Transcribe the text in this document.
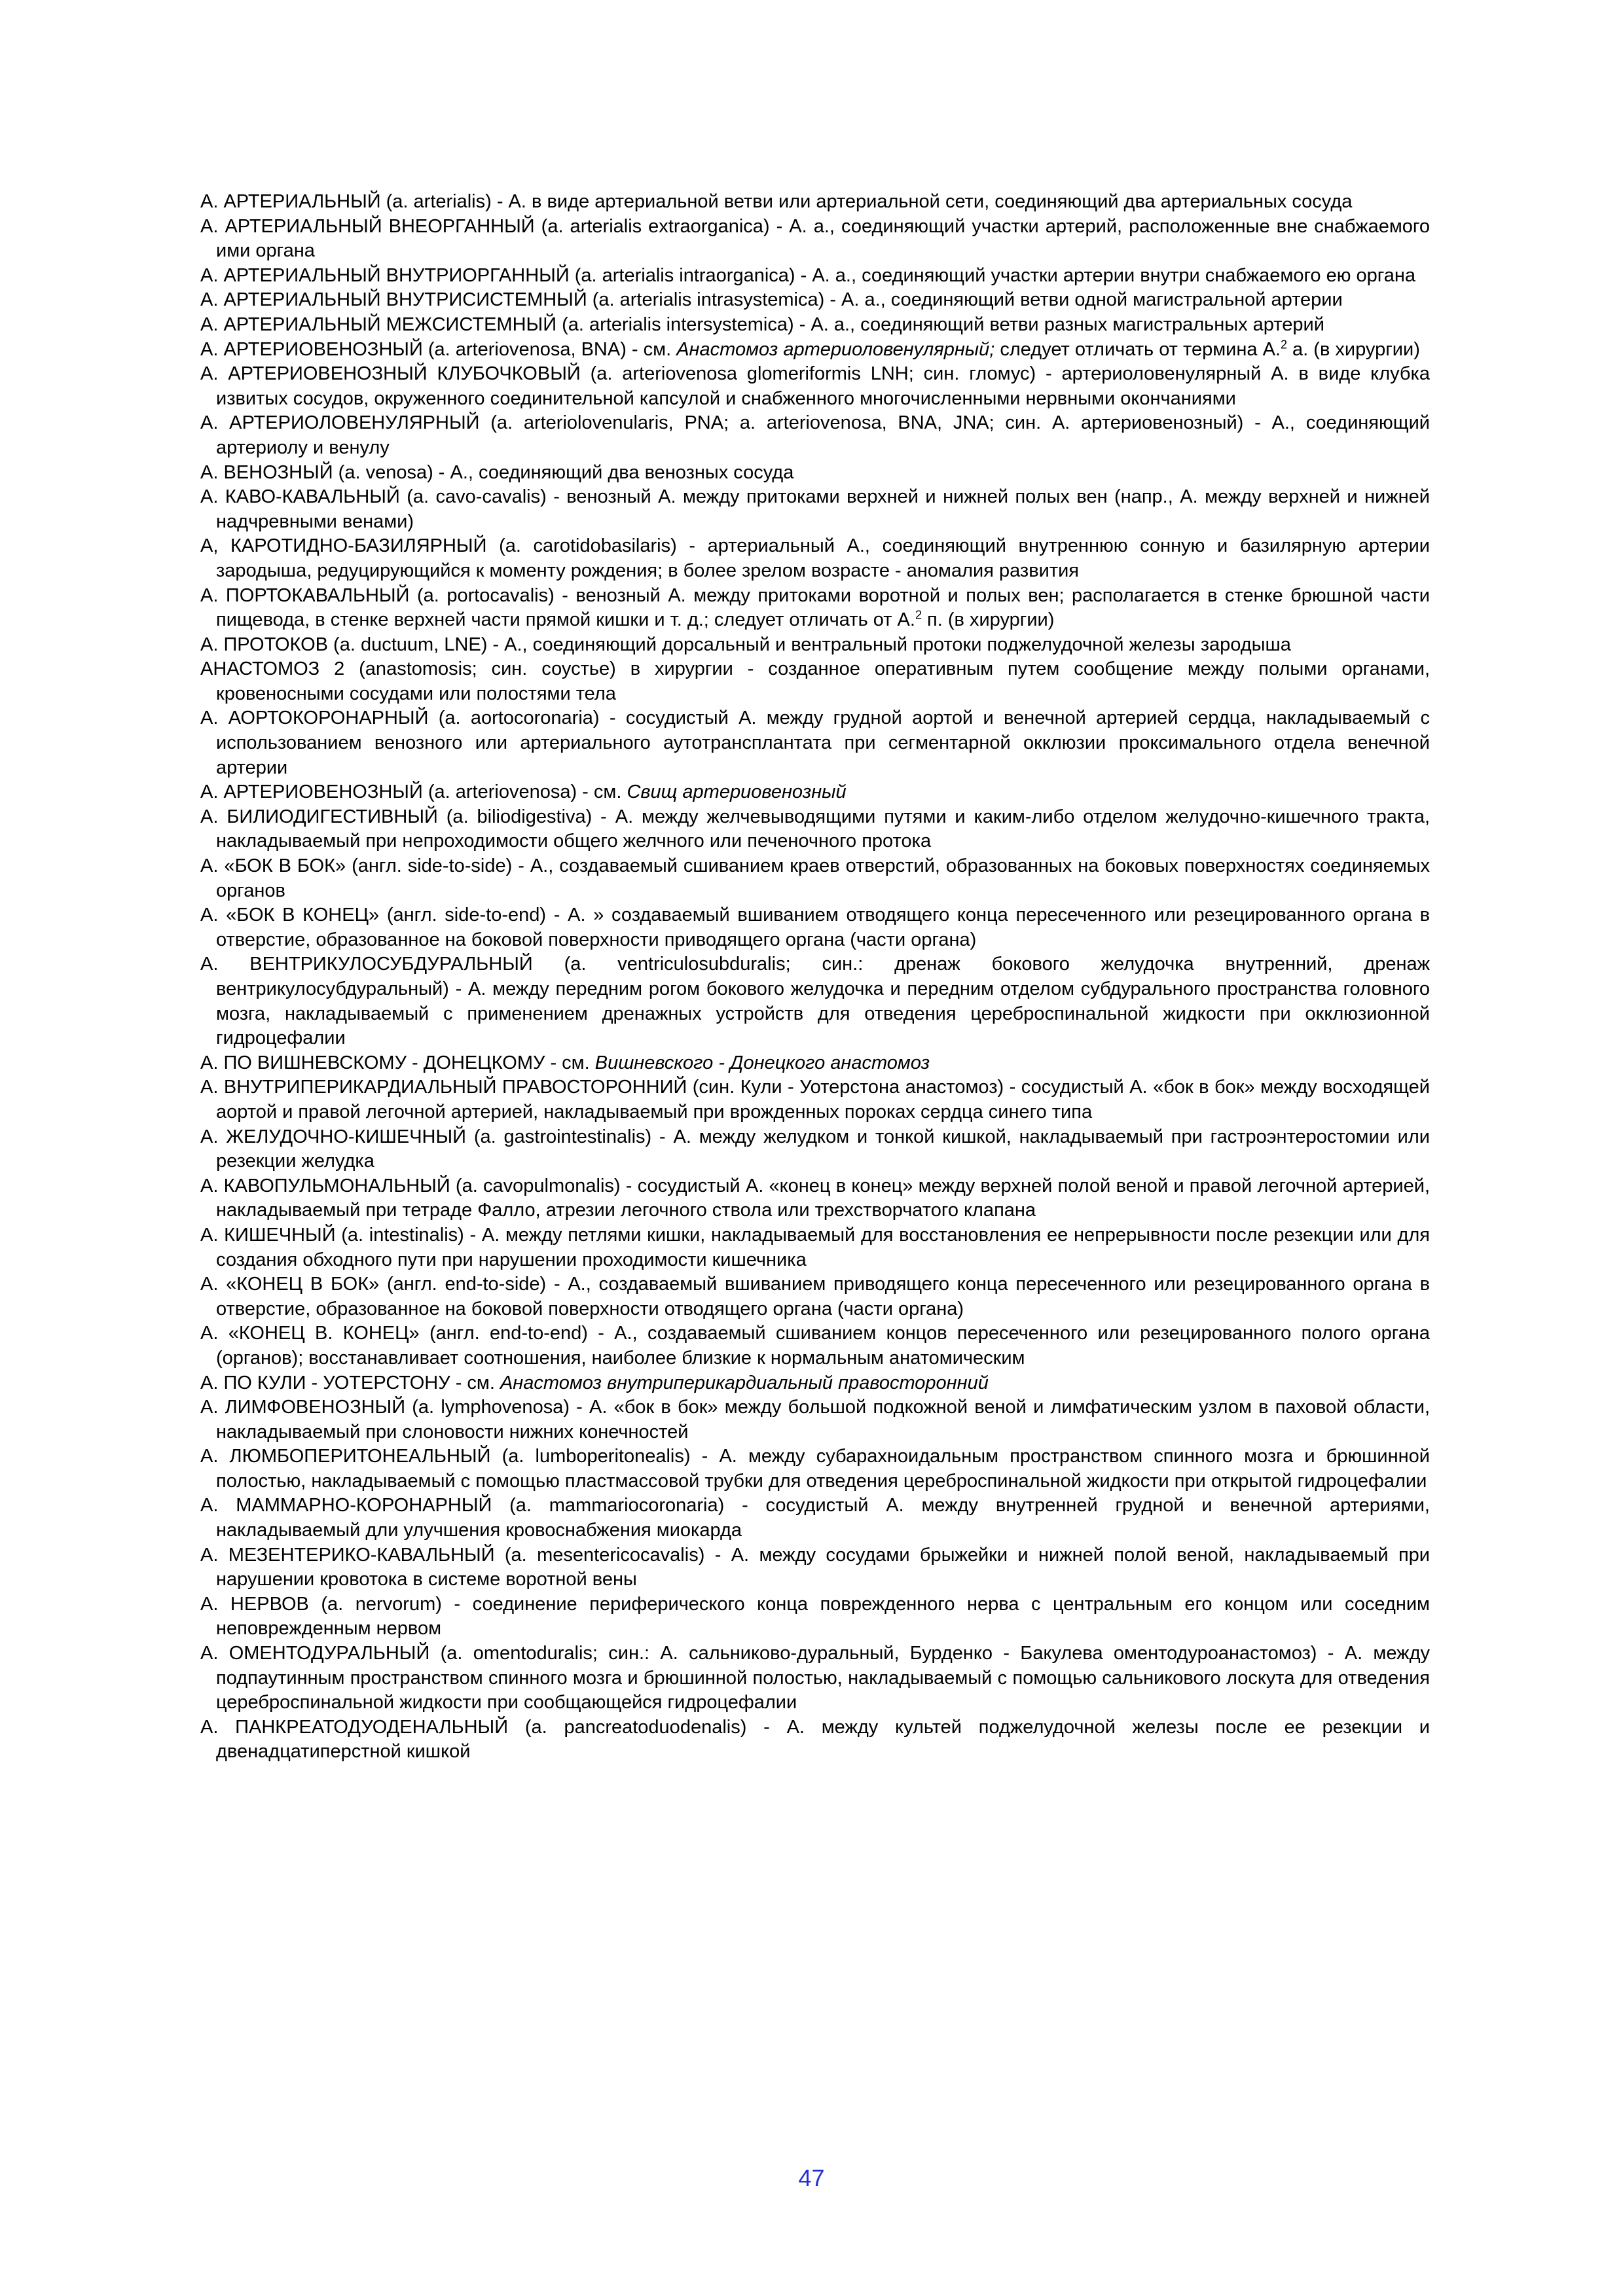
А. АРТЕРИАЛЬНЫЙ (a. arterialis) - А. в виде артериальной ветви или артериальной сети, соединяющий два артериальных сосуда

А. АРТЕРИАЛЬНЫЙ ВНЕОРГАННЫЙ (a. arterialis extraorganica) - А. а., соединяющий участки артерий, расположенные вне снабжаемого ими органа

А. АРТЕРИАЛЬНЫЙ ВНУТРИОРГАННЫЙ (a. arterialis intraorganica) - А. а., соединяющий участки артерии внутри снабжаемого ею органа

А. АРТЕРИАЛЬНЫЙ ВНУТРИСИСТЕМНЫЙ (a. arterialis intrasystemica) - А. а., соединяющий ветви одной магистральной артерии

А. АРТЕРИАЛЬНЫЙ МЕЖСИСТЕМНЫЙ (a. arterialis intersystemica) - А. а., соединяющий ветви разных магистральных артерий

А. АРТЕРИОВЕНОЗНЫЙ (a. arteriovenosa, BNA) - см. Анастомоз артериоловенулярный; следует отличать от термина А.$^2$ а. (в хирургии)

А. АРТЕРИОВЕНОЗНЫЙ КЛУБОЧКОВЫЙ (a. arteriovenosa glomeriformis LNH; син. гломус) - артериоловенулярный А. в виде клубка извитых сосудов, окруженного соединительной капсулой и снабженного многочисленными нервными окончаниями

А. АРТЕРИОЛОВЕНУЛЯРНЫЙ (a. arteriolovenularis, PNA; a. arteriovenosa, BNA, JNA; син. А. артериовенозный) - А., соединяющий артериолу и венулу

А. ВЕНОЗНЫЙ (a. venosa) - А., соединяющий два венозных сосуда

А. КАВО-КАВАЛЬНЫЙ (a. cavo-cavalis) - венозный А. между притоками верхней и нижней полых вен (напр., А. между верхней и нижней надчревными венами)

А, КАРОТИДНО-БАЗИЛЯРНЫЙ (a. carotidobasilaris) - артериальный А., соединяющий внутреннюю сонную и базилярную артерии зародыша, редуцирующийся к моменту рождения; в более зрелом возрасте - аномалия развития

А. ПОРТОКАВАЛЬНЫЙ (a. portocavalis) - венозный А. между притоками воротной и полых вен; располагается в стенке брюшной части пищевода, в стенке верхней части прямой кишки и т. д.; следует отличать от А.$^2$ п. (в хирургии)

А. ПРОТОКОВ (a. ductuum, LNE) - А., соединяющий дорсальный и вентральный протоки поджелудочной железы зародыша

АНАСТОМОЗ 2 (anastomosis; син. соустье) в хирургии - созданное оперативным путем сообщение между полыми органами, кровеносными сосудами или полостями тела

А. АОРТОКОРОНАРНЫЙ (a. aortocoronaria) - сосудистый А. между грудной аортой и венечной артерией сердца, накладываемый с использованием венозного или артериального аутотрансплантата при сегментарной окклюзии проксимального отдела венечной артерии

А. АРТЕРИОВЕНОЗНЫЙ (a. arteriovenosa) - см. Свищ артериовенозный

А. БИЛИОДИГЕСТИВНЫЙ (a. biliodigestiva) - А. между желчевыводящими путями и каким-либо отделом желудочно-кишечного тракта, накладываемый при непроходимости общего желчного или печеночного протока

А. «БОК В БОК» (англ. side-to-side) - А., создаваемый сшиванием краев отверстий, образованных на боковых поверхностях соединяемых органов

А. «БОК В КОНЕЦ» (англ. side-to-end) - А. » создаваемый вшиванием отводящего конца пересеченного или резецированного органа в отверстие, образованное на боковой поверхности приводящего органа (части органа)

А. ВЕНТРИКУЛОСУБДУРАЛЬНЫЙ (a. ventriculosubduralis; син.: дренаж бокового желудочка внутренний, дренаж вентрикулосубдуральный) - А. между передним рогом бокового желудочка и передним отделом субдурального пространства головного мозга, накладываемый с применением дренажных устройств для отведения цереброспинальной жидкости при окклюзионной гидроцефалии

А. ПО ВИШНЕВСКОМУ - ДОНЕЦКОМУ - см. Вишневского - Донецкого анастомоз

А. ВНУТРИПЕРИКАРДИАЛЬНЫЙ ПРАВОСТОРОННИЙ (син. Кули - Уотерстона анастомоз) - сосудистый А. «бок в бок» между восходящей аортой и правой легочной артерией, накладываемый при врожденных пороках сердца синего типа

А. ЖЕЛУДОЧНО-КИШЕЧНЫЙ (a. gastrointestinalis) - А. между желудком и тонкой кишкой, накладываемый при гастроэнтеростомии или резекции желудка

А. КАВОПУЛЬМОНАЛЬНЫЙ (a. cavopulmonalis) - сосудистый А. «конец в конец» между верхней полой веной и правой легочной артерией, накладываемый при тетраде Фалло, атрезии легочного ствола или трехстворчатого клапана

А. КИШЕЧНЫЙ (a. intestinalis) - А. между петлями кишки, накладываемый для восстановления ее непрерывности после резекции или для создания обходного пути при нарушении проходимости кишечника

А. «КОНЕЦ В БОК» (англ. end-to-side) - А., создаваемый вшиванием приводящего конца пересеченного или резецированного органа в отверстие, образованное на боковой поверхности отводящего органа (части органа)

А. «КОНЕЦ В. КОНЕЦ» (англ. end-to-end) - А., создаваемый сшиванием концов пересеченного или резецированного полого органа (органов); восстанавливает соотношения, наиболее близкие к нормальным анатомическим

А. ПО КУЛИ - УОТЕРСТОНУ - см. Анастомоз внутриперикардиальный правосторонний

А. ЛИМФОВЕНОЗНЫЙ (a. lymphovenosa) - А. «бок в бок» между большой подкожной веной и лимфатическим узлом в паховой области, накладываемый при слоновости нижних конечностей

А. ЛЮМБОПЕРИТОНЕАЛЬНЫЙ (a. lumboperitonealis) - А. между субарахноидальным пространством спинного мозга и брюшинной полостью, накладываемый с помощью пластмассовой трубки для отведения цереброспинальной жидкости при открытой гидроцефалии

А. МАММАРНО-КОРОНАРНЫЙ (a. mammariocoronaria) - сосудистый А. между внутренней грудной и венечной артериями, накладываемый дли улучшения кровоснабжения миокарда

А. МЕЗЕНТЕРИКО-КАВАЛЬНЫЙ (a. mesentericocavalis) - А. между сосудами брыжейки и нижней полой веной, накладываемый при нарушении кровотока в системе воротной вены

А. НЕРВОВ (a. nervorum) - соединение периферического конца поврежденного нерва с центральным его концом или соседним неповрежденным нервом

А. ОМЕНТОДУРАЛЬНЫЙ (a. omentoduralis; син.: А. сальниково-дуральный, Бурденко - Бакулева оментодуроанастомоз) - А. между подпаутинным пространством спинного мозга и брюшинной полостью, накладываемый с помощью сальникового лоскута для отведения цереброспинальной жидкости при сообщающейся гидроцефалии

А. ПАНКРЕАТОДУОДЕНАЛЬНЫЙ (a. pancreatoduodenalis) - А. между культей поджелудочной железы после ее резекции и двенадцатиперстной кишкой

47
